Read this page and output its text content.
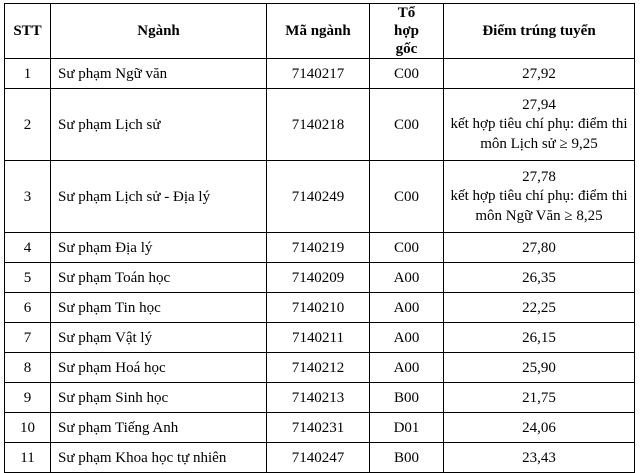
STT	Ngành	Mã ngành	Tổ hợp gốc	Điểm trúng tuyển
1	Sư phạm Ngữ văn	7140217	C00	27,92

2	Sư phạm Lịch sử	7140218	C00	27,94
kết hợp tiêu chí phụ: điểm thi môn Lịch sử ≥ 9,25

3	Sư phạm Lịch sử - Địa lý	7140249	C00	27,78
kết hợp tiêu chí phụ: điểm thi môn Ngữ Văn ≥ 8,25

4	Sư phạm Địa lý	7140219	C00	27,80

5	Sư phạm Toán học	7140209	A00	26,35

6	Sư phạm Tin học	7140210	A00	22,25

7	Sư phạm Vật lý	7140211	A00	26,15

8	Sư phạm Hoá học	7140212	A00	25,90

9	Sư phạm Sinh học	7140213	B00	21,75

10	Sư phạm Tiếng Anh	7140231	D01	24,06

11	Sư phạm Khoa học tự nhiên	7140247	B00	23,43
